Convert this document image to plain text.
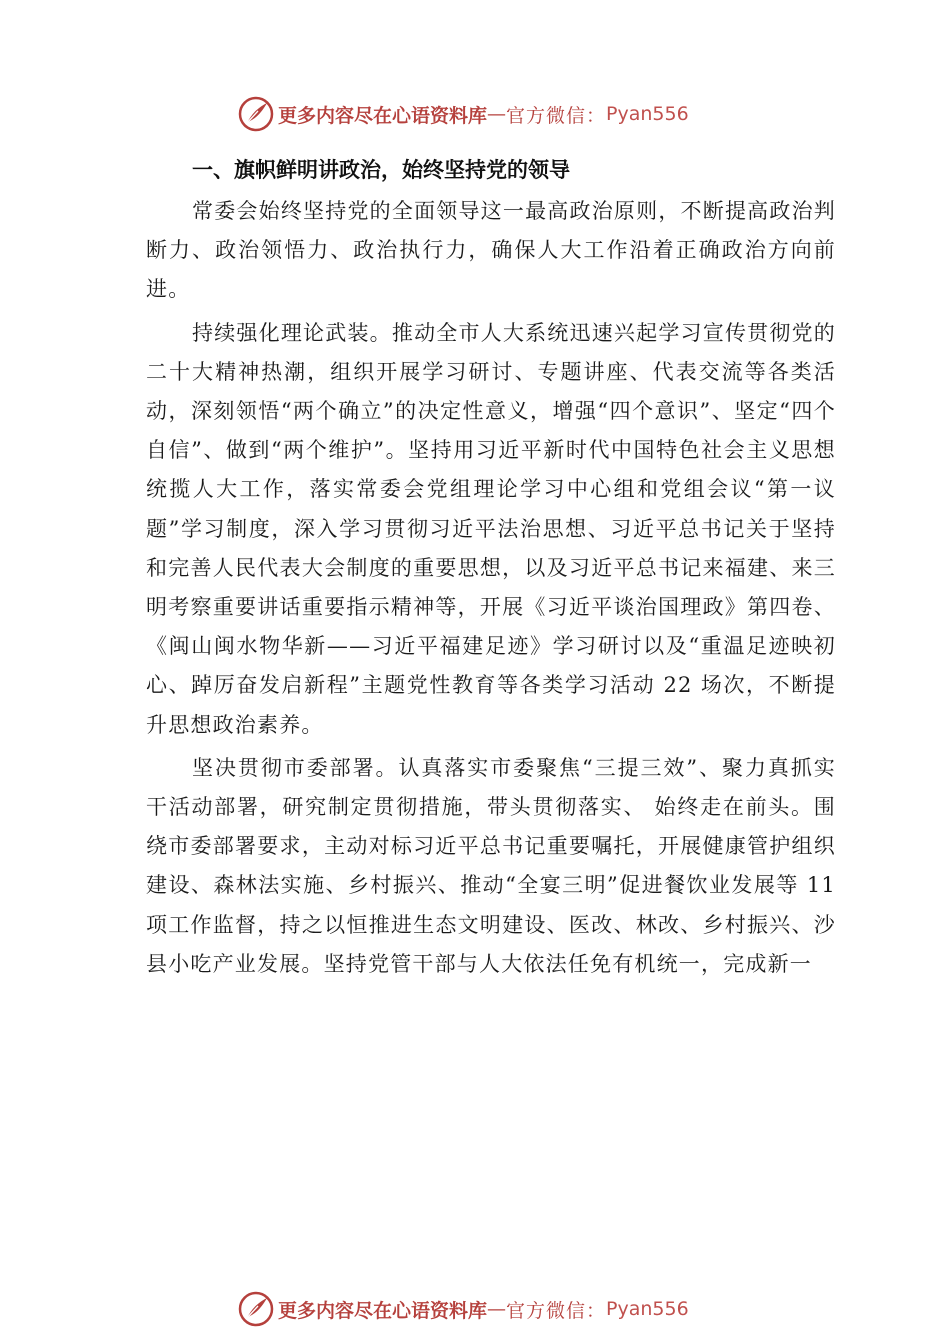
更多内容尽在心语资料库 — 官方微信： Pyan556
一、旗帜鲜明讲政治，始终坚持党的领导

常委会始终坚持党的全面领导这一最高政治原则，不断提高政治判断力、政治领悟力、政治执行力，确保人大工作沿着正确政治方向前进。

持续强化理论武装。推动全市人大系统迅速兴起学习宣传贯彻党的二十大精神热潮，组织开展学习研讨、专题讲座、代表交流等各类活动，深刻领悟“两个确立”的决定性意义，增强“四个意识”、坚定“四个自信”、做到“两个维护”。坚持用习近平新时代中国特色社会主义思想统揽人大工作，落实常委会党组理论学习中心组和党组会议“第一议题”学习制度，深入学习贯彻习近平法治思想、习近平总书记关于坚持和完善人民代表大会制度的重要思想，以及习近平总书记来福建、来三明考察重要讲话重要指示精神等，开展《习近平谈治国理政》第四卷、《闽山闽水物华新——习近平福建足迹》学习研讨以及“重温足迹映初心、踔厉奋发启新程”主题党性教育等各类学习活动 22 场次，不断提升思想政治素养。

坚决贯彻市委部署。认真落实市委聚焦“三提三效”、聚力真抓实干活动部署，研究制定贯彻措施，带头贯彻落实、 始终走在前头。围绕市委部署要求，主动对标习近平总书记重要嘱托，开展健康管护组织建设、森林法实施、乡村振兴、推动“全宴三明”促进餐饮业发展等 11 项工作监督，持之以恒推进生态文明建设、医改、林改、乡村振兴、沙县小吃产业发展。坚持党管干部与人大依法任免有机统一，完成新一

更多内容尽在心语资料库 — 官方微信： Pyan556
